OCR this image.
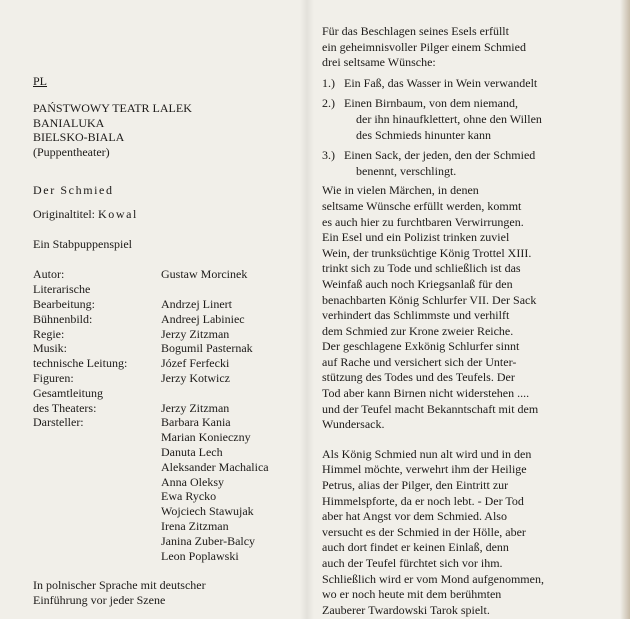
PL
PAŃSTWOWY TEATR LALEK
BANIALUKA
BIELSKO-BIALA
(Puppentheater)
Der Schmied
Originaltitel: Kowal
Ein Stabpuppenspiel
Autor:	Gustaw Morcinek
Literarische
Bearbeitung:	Andrzej Linert
Bühnenbild:	Andreej Labiniec
Regie:	Jerzy Zitzman
Musik:	Bogumil Pasternak
technische Leitung:	Józef Ferfecki
Figuren:	Jerzy Kotwicz
Gesamtleitung
des Theaters:	Jerzy Zitzman
Darsteller:	Barbara Kania
Marian Konieczny
Danuta Lech
Aleksander Machalica
Anna Oleksy
Ewa Rycko
Wojciech Stawujak
Irena Zitzman
Janina Zuber-Balcy
Leon Poplawski
In polnischer Sprache mit deutscher
Einführung vor jeder Szene
Für das Beschlagen seines Esels erfüllt
ein geheimnisvoller Pilger einem Schmied
drei seltsame Wünsche:
1.) Ein Faß, das Wasser in Wein verwandelt
2.) Einen Birnbaum, von dem niemand,
der ihn hinaufklettert, ohne den Willen
des Schmieds hinunter kann
3.) Einen Sack, der jeden, den der Schmied
benennt, verschlingt.
Wie in vielen Märchen, in denen
seltsame Wünsche erfüllt werden, kommt
es auch hier zu furchtbaren Verwirrungen.
Ein Esel und ein Polizist trinken zuviel
Wein, der trunksüchtige König Trottel XIII.
trinkt sich zu Tode und schließlich ist das
Weinfaß auch noch Kriegsanlaß für den
benachbarten König Schlurfer VII. Der Sack
verhindert das Schlimmste und verhilft
dem Schmied zur Krone zweier Reiche.
Der geschlagene Exkönig Schlurfer sinnt
auf Rache und versichert sich der Unter-
stützung des Todes und des Teufels. Der
Tod aber kann Birnen nicht widerstehen ....
und der Teufel macht Bekanntschaft mit dem
Wundersack.
Als König Schmied nun alt wird und in den
Himmel möchte, verwehrt ihm der Heilige
Petrus, alias der Pilger, den Eintritt zur
Himmelspforte, da er noch lebt. - Der Tod
aber hat Angst vor dem Schmied. Also
versucht es der Schmied in der Hölle, aber
auch dort findet er keinen Einlaß, denn
auch der Teufel fürchtet sich vor ihm.
Schließlich wird er vom Mond aufgenommen,
wo er noch heute mit dem berühmten
Zauberer Twardowski Tarok spielt.
